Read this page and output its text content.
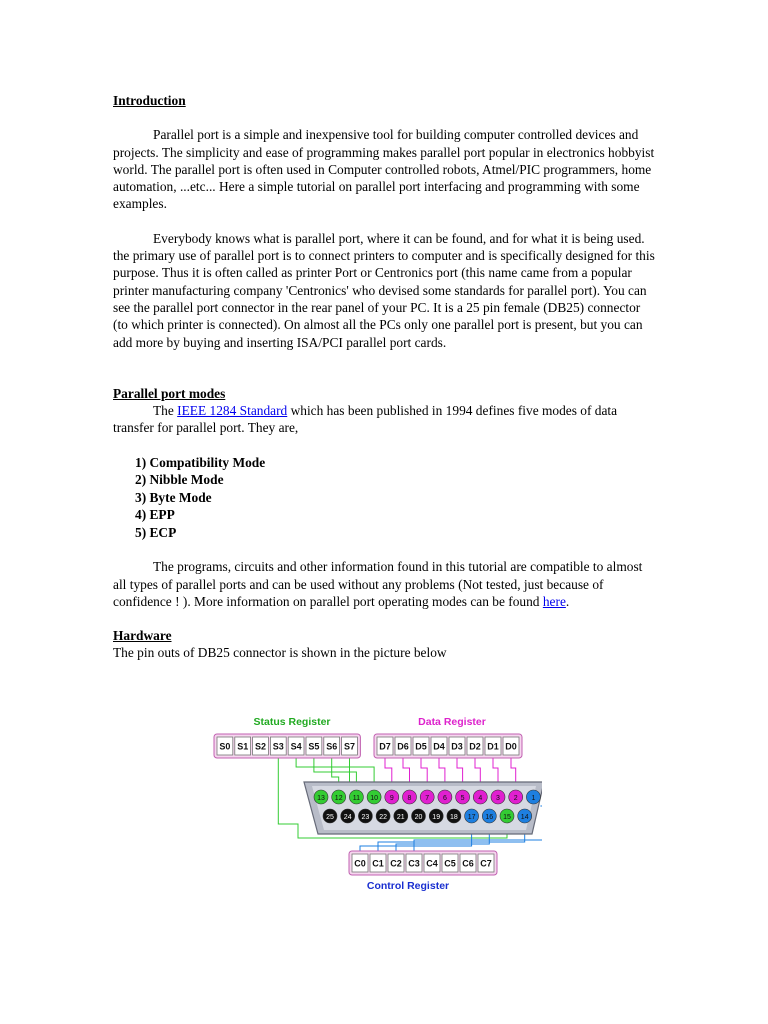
Introduction

Parallel port is a simple and inexpensive tool for building computer controlled devices and projects. The simplicity and ease of programming makes parallel port popular in electronics hobbyist world. The parallel port is often used in Computer controlled robots, Atmel/PIC programmers, home automation, ...etc... Here a simple tutorial on parallel port interfacing and programming with some examples.

Everybody knows what is parallel port, where it can be found, and for what it is being used. the primary use of parallel port is to connect printers to computer and is specifically designed for this purpose. Thus it is often called as printer Port or Centronics port (this name came from a popular printer manufacturing company 'Centronics' who devised some standards for parallel port). You can see the parallel port connector in the rear panel of your PC. It is a 25 pin female (DB25) connector (to which printer is connected). On almost all the PCs only one parallel port is present, but you can add more by buying and inserting ISA/PCI parallel port cards.

Parallel port modes

The IEEE 1284 Standard which has been published in 1994 defines five modes of data transfer for parallel port. They are,

1) Compatibility Mode
2) Nibble Mode
3) Byte Mode
4) EPP
5) ECP

The programs, circuits and other information found in this tutorial are compatible to almost all types of parallel ports and can be used without any problems (Not tested, just because of confidence ! ). More information on parallel port operating modes can be found here.

Hardware

The pin outs of DB25 connector is shown in the picture below

Status Register	Data Register
S0 S1 S2 S3 S4 S5 S6 S7	D7 D6 D5 D4 D3 D2 D1 D0
13 12 11 10 9 8 7 6 5 4 3 2 1
25 24 23 22 21 20 19 18 17 16 15 14
C0 C1 C2 C3 C4 C5 C6 C7
Control Register
